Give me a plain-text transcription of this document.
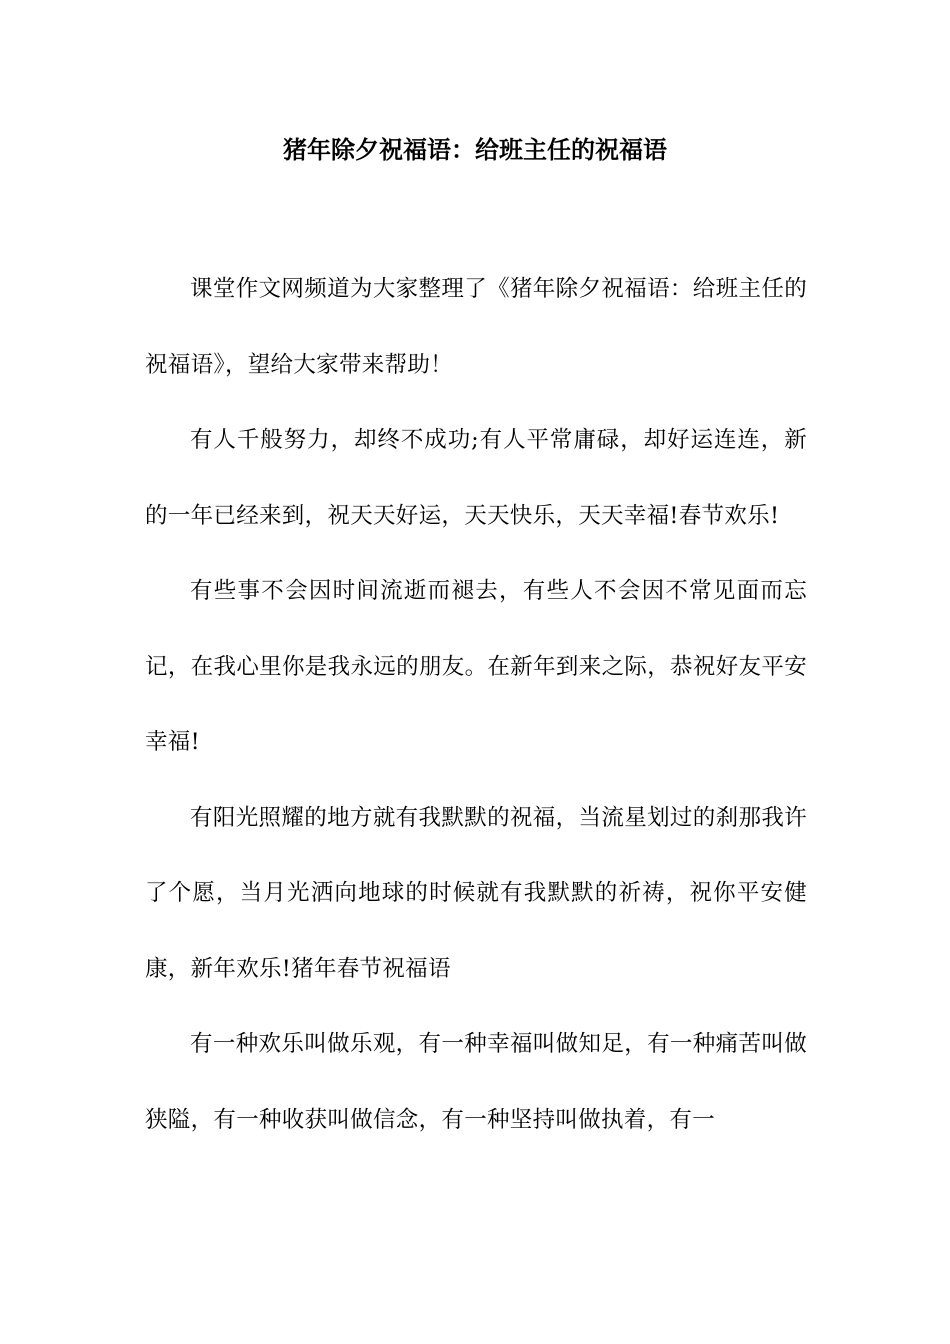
猪年除夕祝福语：给班主任的祝福语

课堂作文网频道为大家整理了《猪年除夕祝福语：给班主任的祝福语》，望给大家带来帮助！

有人千般努力，却终不成功;有人平常庸碌，却好运连连，新的一年已经来到，祝天天好运，天天快乐，天天幸福!春节欢乐!

有些事不会因时间流逝而褪去，有些人不会因不常见面而忘记，在我心里你是我永远的朋友。在新年到来之际，恭祝好友平安幸福!

有阳光照耀的地方就有我默默的祝福，当流星划过的刹那我许了个愿，当月光洒向地球的时候就有我默默的祈祷，祝你平安健康，新年欢乐!猪年春节祝福语

有一种欢乐叫做乐观，有一种幸福叫做知足，有一种痛苦叫做狭隘，有一种收获叫做信念，有一种坚持叫做执着，有一
